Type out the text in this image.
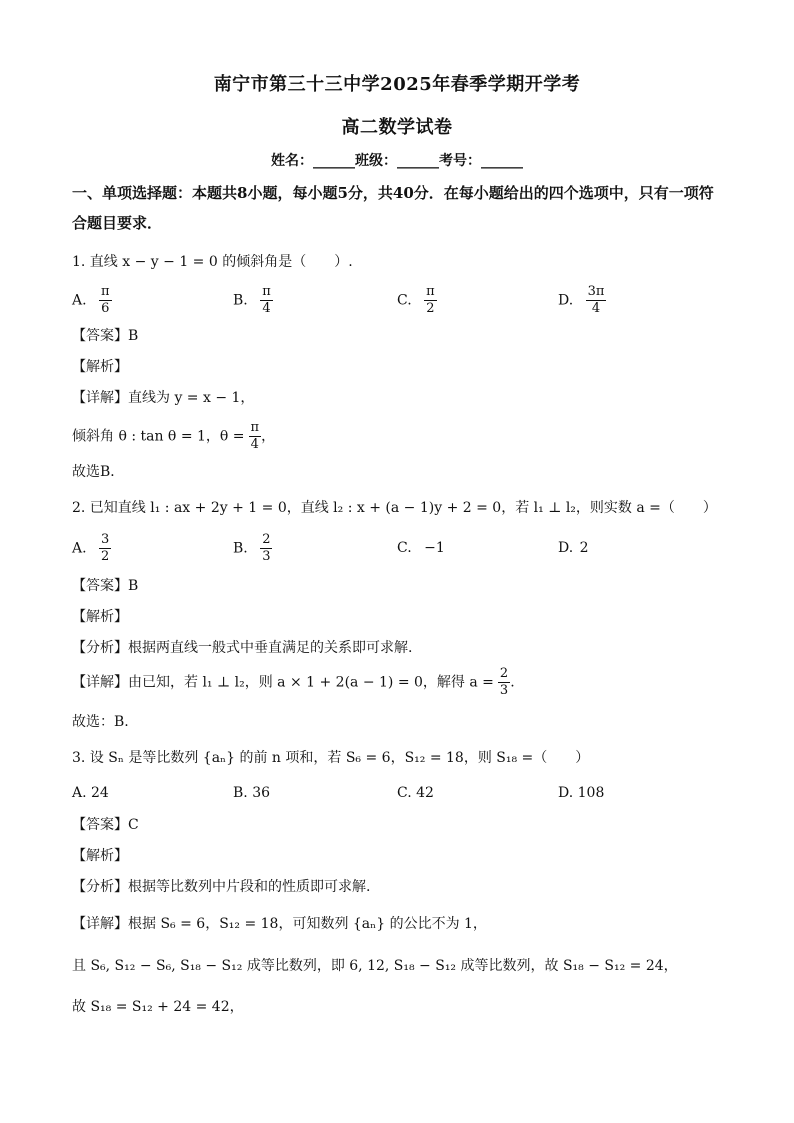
南宁市第三十三中学2025年春季学期开学考
高二数学试卷
姓名：______班级：______考号：______
一、单项选择题：本题共8小题，每小题5分，共40分．在每小题给出的四个选项中，只有一项符合题目要求．
1. 直线 x − y − 1 = 0 的倾斜角是（　　）.
A. $\frac{\pi}{6}$	B. $\frac{\pi}{4}$	C. $\frac{\pi}{2}$	D. $\frac{3\pi}{4}$
【答案】B
【解析】
【详解】直线为 y = x − 1，
倾斜角 θ : tan θ = 1，$\theta = \frac{\pi}{4}$ ，
故选B．
2. 已知直线 l₁ : ax + 2y + 1 = 0，直线 l₂ : x + (a − 1)y + 2 = 0，若 l₁ ⊥ l₂，则实数 a =（　　）
A. $\frac{3}{2}$	B. $\frac{2}{3}$	C. −1	D. 2
【答案】B
【解析】
【分析】根据两直线一般式中垂直满足的关系即可求解.
【详解】由已知，若 l₁ ⊥ l₂，则 a × 1 + 2(a − 1) = 0，解得 $a = \frac{2}{3}$ .
故选：B.
3. 设 Sₙ 是等比数列 {aₙ} 的前 n 项和，若 S₆ = 6，S₁₂ = 18，则 S₁₈ =（　　）
A. 24	B. 36	C. 42	D. 108
【答案】C
【解析】
【分析】根据等比数列中片段和的性质即可求解.
【详解】根据 S₆ = 6，S₁₂ = 18，可知数列 {aₙ} 的公比不为 1，
且 S₆, S₁₂ − S₆, S₁₈ − S₁₂ 成等比数列，即 6, 12, S₁₈ − S₁₂ 成等比数列，故 S₁₈ − S₁₂ = 24，
故 S₁₈ = S₁₂ + 24 = 42，
